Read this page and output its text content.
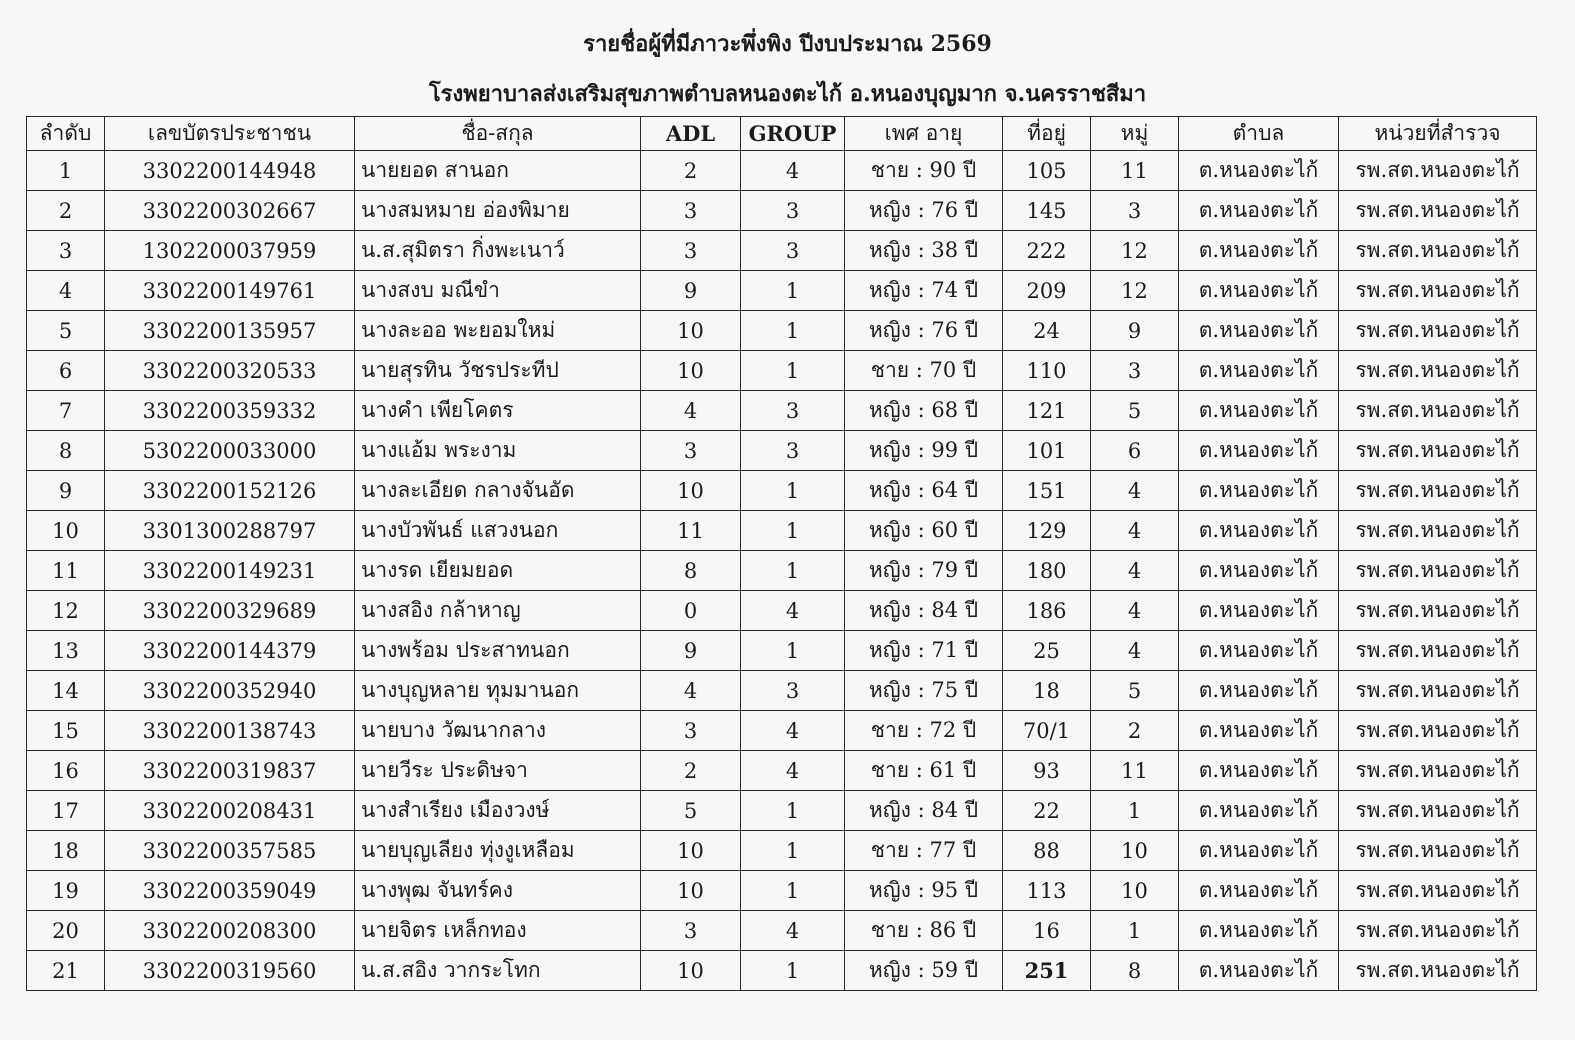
รายชื่อผู้ที่มีภาวะพึ่งพิง ปีงบประมาณ 2569
โรงพยาบาลส่งเสริมสุขภาพตำบลหนองตะไก้ อ.หนองบุญมาก จ.นครราชสีมา
ลำดับ	เลขบัตรประชาชน	ชื่อ-สกุล	ADL	GROUP	เพศ อายุ	ที่อยู่	หมู่	ตำบล	หน่วยที่สำรวจ
1	3302200144948	นายยอด สานอก	2	4	ชาย : 90 ปี	105	11	ต.หนองตะไก้	รพ.สต.หนองตะไก้
2	3302200302667	นางสมหมาย อ่องพิมาย	3	3	หญิง : 76 ปี	145	3	ต.หนองตะไก้	รพ.สต.หนองตะไก้
3	1302200037959	น.ส.สุมิตรา กิ่งพะเนาว์	3	3	หญิง : 38 ปี	222	12	ต.หนองตะไก้	รพ.สต.หนองตะไก้
4	3302200149761	นางสงบ มณีขำ	9	1	หญิง : 74 ปี	209	12	ต.หนองตะไก้	รพ.สต.หนองตะไก้
5	3302200135957	นางละออ พะยอมใหม่	10	1	หญิง : 76 ปี	24	9	ต.หนองตะไก้	รพ.สต.หนองตะไก้
6	3302200320533	นายสุรทิน วัชรประทีป	10	1	ชาย : 70 ปี	110	3	ต.หนองตะไก้	รพ.สต.หนองตะไก้
7	3302200359332	นางคำ เพียโคตร	4	3	หญิง : 68 ปี	121	5	ต.หนองตะไก้	รพ.สต.หนองตะไก้
8	5302200033000	นางแอ้ม พระงาม	3	3	หญิง : 99 ปี	101	6	ต.หนองตะไก้	รพ.สต.หนองตะไก้
9	3302200152126	นางละเอียด กลางจันอัด	10	1	หญิง : 64 ปี	151	4	ต.หนองตะไก้	รพ.สต.หนองตะไก้
10	3301300288797	นางบัวพันธ์ แสวงนอก	11	1	หญิง : 60 ปี	129	4	ต.หนองตะไก้	รพ.สต.หนองตะไก้
11	3302200149231	นางรด เยียมยอด	8	1	หญิง : 79 ปี	180	4	ต.หนองตะไก้	รพ.สต.หนองตะไก้
12	3302200329689	นางสอิง กล้าหาญ	0	4	หญิง : 84 ปี	186	4	ต.หนองตะไก้	รพ.สต.หนองตะไก้
13	3302200144379	นางพร้อม ประสาทนอก	9	1	หญิง : 71 ปี	25	4	ต.หนองตะไก้	รพ.สต.หนองตะไก้
14	3302200352940	นางบุญหลาย ทุมมานอก	4	3	หญิง : 75 ปี	18	5	ต.หนองตะไก้	รพ.สต.หนองตะไก้
15	3302200138743	นายบาง วัฒนากลาง	3	4	ชาย : 72 ปี	70/1	2	ต.หนองตะไก้	รพ.สต.หนองตะไก้
16	3302200319837	นายวีระ ประดิษจา	2	4	ชาย : 61 ปี	93	11	ต.หนองตะไก้	รพ.สต.หนองตะไก้
17	3302200208431	นางสำเรียง เมืองวงษ์	5	1	หญิง : 84 ปี	22	1	ต.หนองตะไก้	รพ.สต.หนองตะไก้
18	3302200357585	นายบุญเลียง ทุ่งงูเหลือม	10	1	ชาย : 77 ปี	88	10	ต.หนองตะไก้	รพ.สต.หนองตะไก้
19	3302200359049	นางพุฒ จันทร์คง	10	1	หญิง : 95 ปี	113	10	ต.หนองตะไก้	รพ.สต.หนองตะไก้
20	3302200208300	นายจิตร เหล็กทอง	3	4	ชาย : 86 ปี	16	1	ต.หนองตะไก้	รพ.สต.หนองตะไก้
21	3302200319560	น.ส.สอิง วากระโทก	10	1	หญิง : 59 ปี	251	8	ต.หนองตะไก้	รพ.สต.หนองตะไก้
